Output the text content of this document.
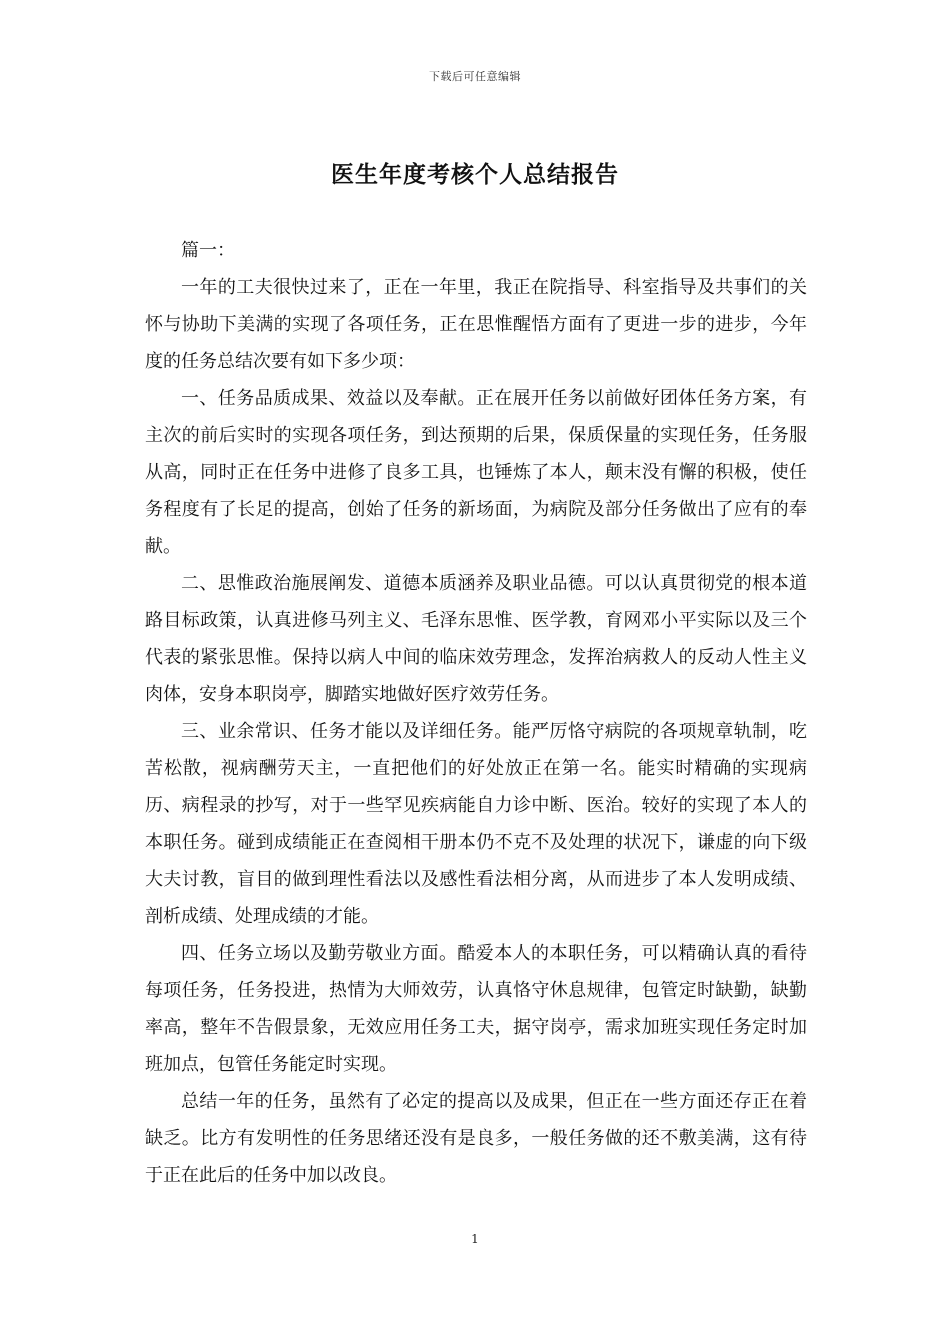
下载后可任意编辑
医生年度考核个人总结报告

篇一：

一年的工夫很快过来了，正在一年里，我正在院指导、科室指导及共事们的关怀与协助下美满的实现了各项任务，正在思惟醒悟方面有了更进一步的进步，今年度的任务总结次要有如下多少项：

一、任务品质成果、效益以及奉献。正在展开任务以前做好团体任务方案，有主次的前后实时的实现各项任务，到达预期的后果，保质保量的实现任务，任务服从高，同时正在任务中进修了良多工具，也锤炼了本人，颠末没有懈的积极，使任务程度有了长足的提高，创始了任务的新场面，为病院及部分任务做出了应有的奉献。

二、思惟政治施展阐发、道德本质涵养及职业品德。可以认真贯彻党的根本道路目标政策，认真进修马列主义、毛泽东思惟、医学教，育网邓小平实际以及三个代表的紧张思惟。保持以病人中间的临床效劳理念，发挥治病救人的反动人性主义肉体，安身本职岗亭，脚踏实地做好医疗效劳任务。

三、业余常识、任务才能以及详细任务。能严厉恪守病院的各项规章轨制，吃苦松散，视病酬劳天主，一直把他们的好处放正在第一名。能实时精确的实现病历、病程录的抄写，对于一些罕见疾病能自力诊中断、医治。较好的实现了本人的本职任务。碰到成绩能正在查阅相干册本仍不克不及处理的状况下，谦虚的向下级大夫讨教，盲目的做到理性看法以及感性看法相分离，从而进步了本人发明成绩、剖析成绩、处理成绩的才能。

四、任务立场以及勤劳敬业方面。酷爱本人的本职任务，可以精确认真的看待每项任务，任务投进，热情为大师效劳，认真恪守休息规律，包管定时缺勤，缺勤率高，整年不告假景象，无效应用任务工夫，据守岗亭，需求加班实现任务定时加班加点，包管任务能定时实现。

总结一年的任务，虽然有了必定的提高以及成果，但正在一些方面还存正在着缺乏。比方有发明性的任务思绪还没有是良多，一般任务做的还不敷美满，这有待于正在此后的任务中加以改良。

1
